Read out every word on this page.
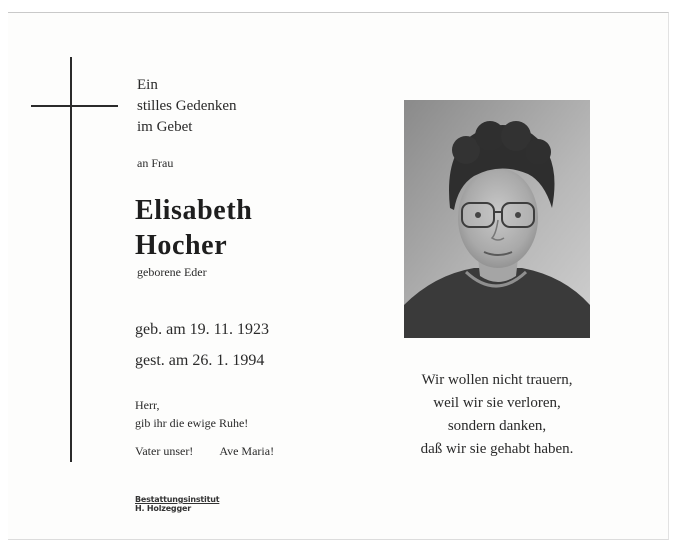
Ein
stilles Gedenken
im Gebet
an Frau
Elisabeth
Hocher
geborene Eder
geb. am 19. 11. 1923
gest. am 26. 1. 1994
Herr,
gib ihr die ewige Ruhe!
Vater unser! Ave Maria!
Wir wollen nicht trauern,
weil wir sie verloren,
sondern danken,
daß wir sie gehabt haben.
Bestattungsinstitut
H. Holzegger
